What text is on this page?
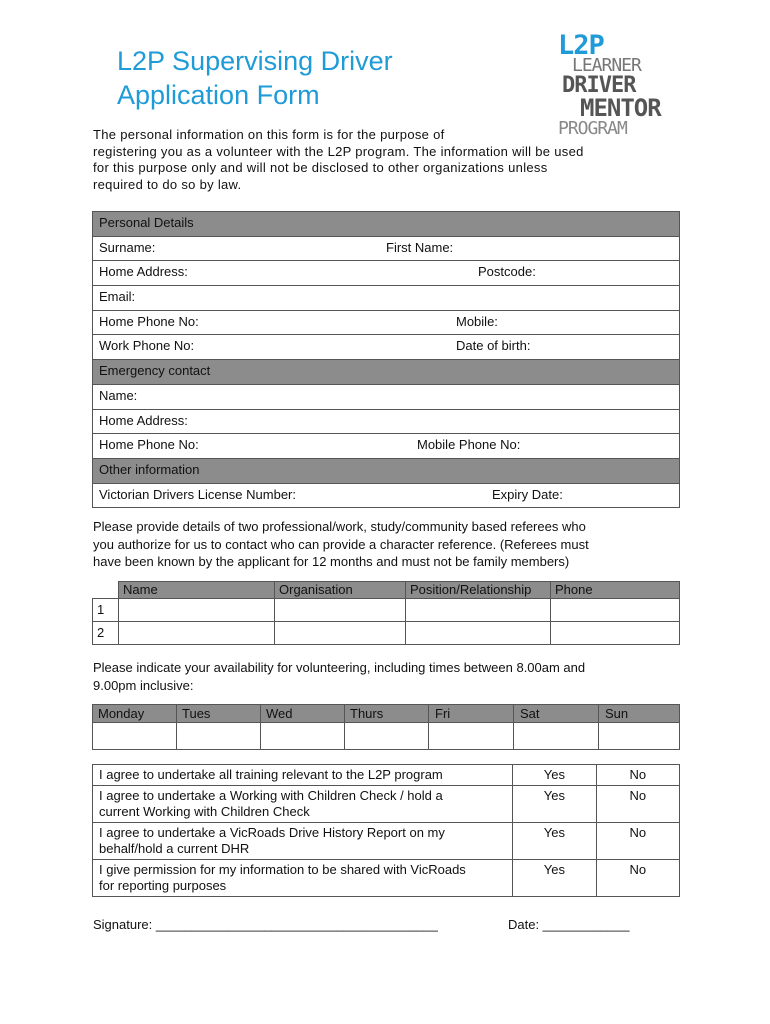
L2P Supervising Driver
Application Form
L2P
LEARNER
DRIVER
MENTOR
PROGRAM
The personal information on this form is for the purpose of
registering you as a volunteer with the L2P program. The information will be used
for this purpose only and will not be disclosed to other organizations unless
required to do so by law.
Personal Details	
Surname:	First Name:
Home Address:	Postcode:
Email:	
Home Phone No:	Mobile:
Work Phone No:	Date of birth:
Emergency contact	
Name:	
Home Address:	
Home Phone No:	Mobile Phone No:
Other information	
Victorian Drivers License Number:	Expiry Date:
Please provide details of two professional/work, study/community based referees who
you authorize for us to contact who can provide a character reference. (Referees must
have been known by the applicant for 12 months and must not be family members)
	Name	Organisation	Position/Relationship	Phone
1				
2				
Please indicate your availability for volunteering, including times between 8.00am and
9.00pm inclusive:
Monday	Tues	Wed	Thurs	Fri	Sat	Sun

I agree to undertake all training relevant to the L2P program	Yes	No

I agree to undertake a Working with Children Check / hold a
current Working with Children Check	Yes	No

I agree to undertake a VicRoads Drive History Report on my
behalf/hold a current DHR	Yes	No

I give permission for my information to be shared with VicRoads
for reporting purposes	Yes	No
Signature: _______________________________________	Date: ____________
